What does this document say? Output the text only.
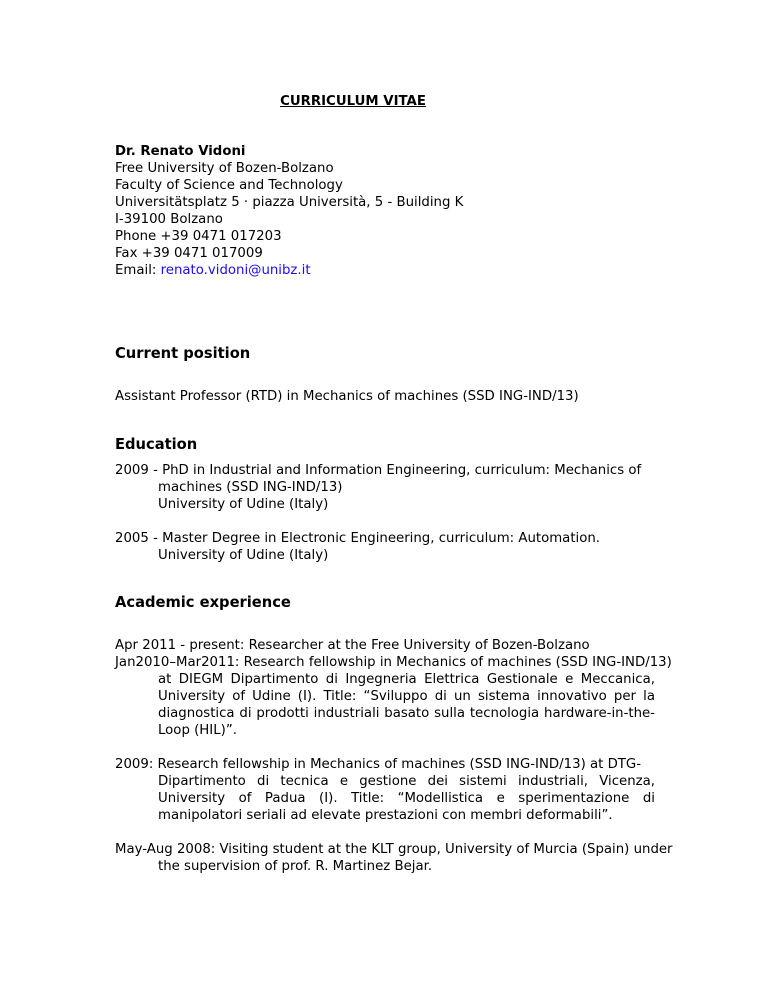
CURRICULUM VITAE

Dr. Renato Vidoni

Free University of Bozen-Bolzano

Faculty of Science and Technology

Universitätsplatz 5 · piazza Università, 5 - Building K

I-39100 Bolzano

Phone +39 0471 017203

Fax +39 0471 017009

Email: renato.vidoni@unibz.it

Current position

Assistant Professor (RTD) in Mechanics of machines (SSD ING-IND/13)

Education
2009 - PhD in Industrial and Information Engineering, curriculum: Mechanics of
machines (SSD ING-IND/13)
University of Udine (Italy)
2005 - Master Degree in Electronic Engineering, curriculum: Automation.
University of Udine (Italy)
Academic experience
Apr 2011 - present: Researcher at the Free University of Bozen-Bolzano
Jan2010–Mar2011: Research fellowship in Mechanics of machines (SSD ING-IND/13)
at DIEGM Dipartimento di Ingegneria Elettrica Gestionale e Meccanica, University of Udine (I). Title: “Sviluppo di un sistema innovativo per la diagnostica di prodotti industriali basato sulla tecnologia hardware-in-the-Loop (HIL)”.
2009: Research fellowship in Mechanics of machines (SSD ING-IND/13) at DTG-
Dipartimento di tecnica e gestione dei sistemi industriali, Vicenza, University of Padua (I). Title: “Modellistica e sperimentazione di manipolatori seriali ad elevate prestazioni con membri deformabili”.
May-Aug 2008: Visiting student at the KLT group, University of Murcia (Spain) under
the supervision of prof. R. Martinez Bejar.
